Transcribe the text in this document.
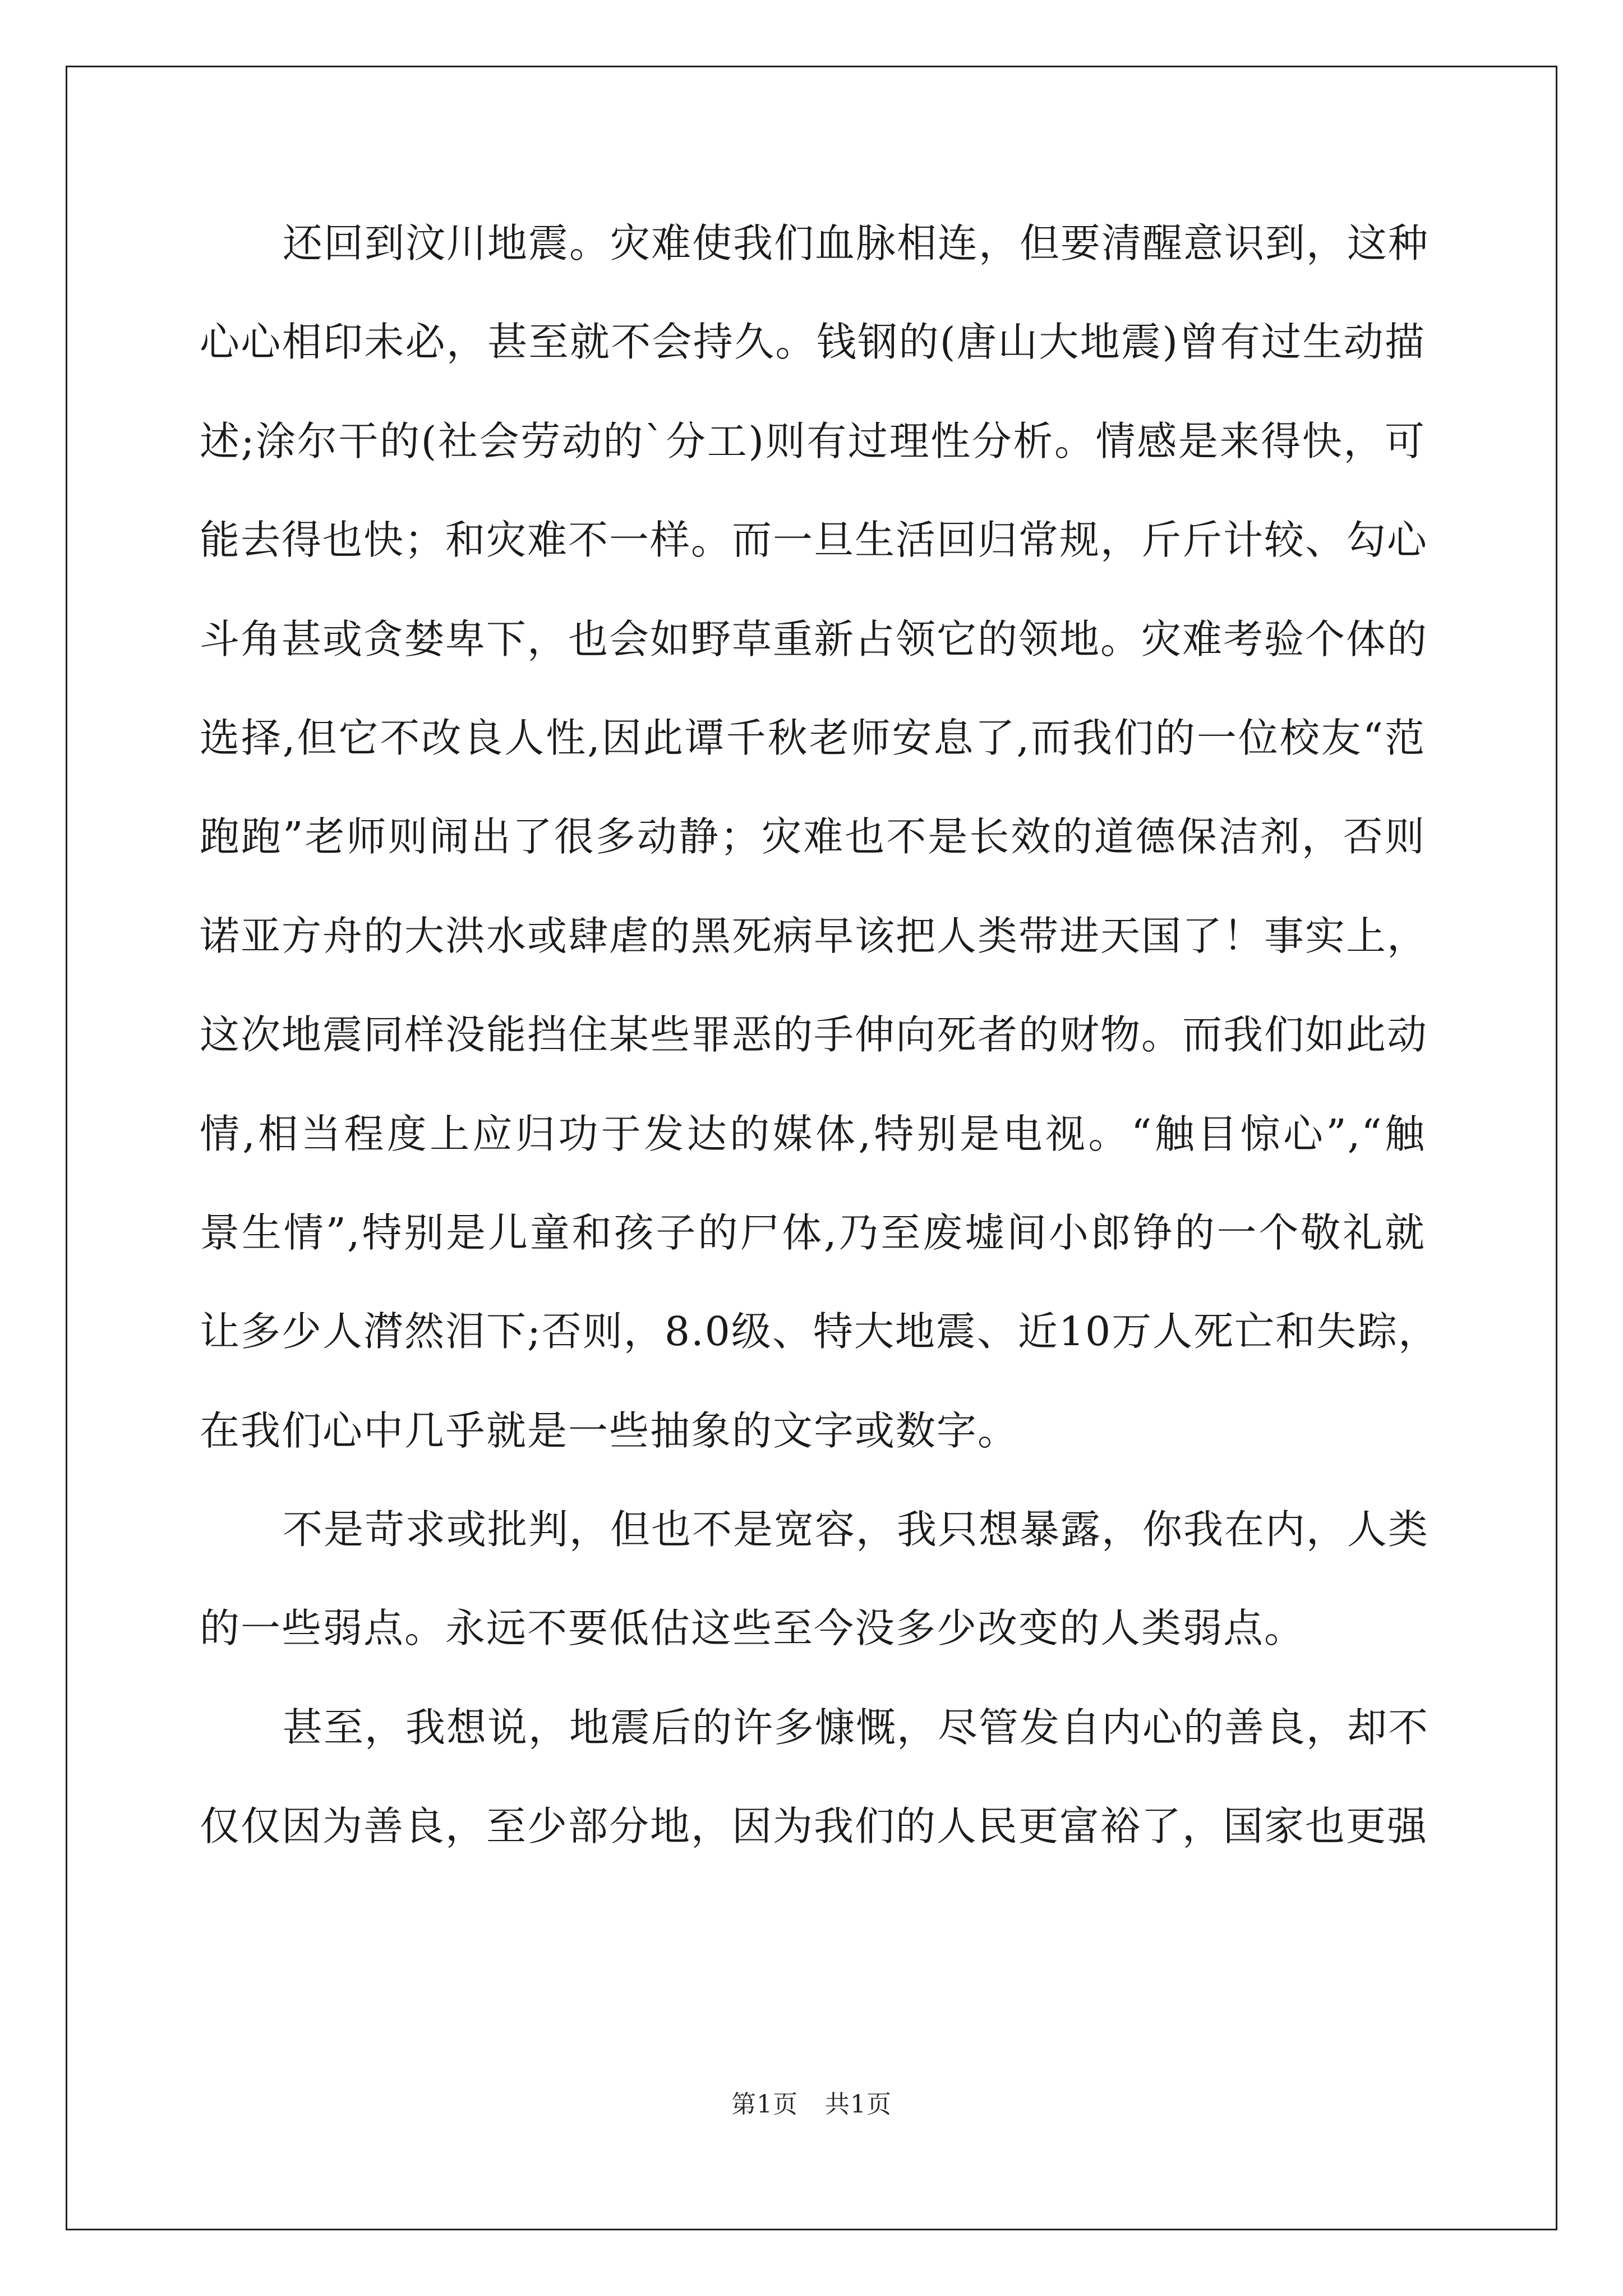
还回到汶川地震。灾难使我们血脉相连，但要清醒意识到，这种
心心相印未必，甚至就不会持久。钱钢的(唐山大地震)曾有过生动描
述;涂尔干的(社会劳动的`分工)则有过理性分析。情感是来得快，可
能去得也快；和灾难不一样。而一旦生活回归常规，斤斤计较、勾心
斗角甚或贪婪卑下，也会如野草重新占领它的领地。灾难考验个体的
选择,但它不改良人性,因此谭千秋老师安息了,而我们的一位校友“范
跑跑”老师则闹出了很多动静；灾难也不是长效的道德保洁剂，否则
诺亚方舟的大洪水或肆虐的黑死病早该把人类带进天国了！事实上，
这次地震同样没能挡住某些罪恶的手伸向死者的财物。而我们如此动
情,相当程度上应归功于发达的媒体,特别是电视。“触目惊心”,“触
景生情”,特别是儿童和孩子的尸体,乃至废墟间小郎铮的一个敬礼就
让多少人潸然泪下;否则，8.0级、特大地震、近10万人死亡和失踪，
在我们心中几乎就是一些抽象的文字或数字。
不是苛求或批判，但也不是宽容，我只想暴露，你我在内，人类
的一些弱点。永远不要低估这些至今没多少改变的人类弱点。
甚至，我想说，地震后的许多慷慨，尽管发自内心的善良，却不
仅仅因为善良，至少部分地，因为我们的人民更富裕了，国家也更强
第1页 共1页
